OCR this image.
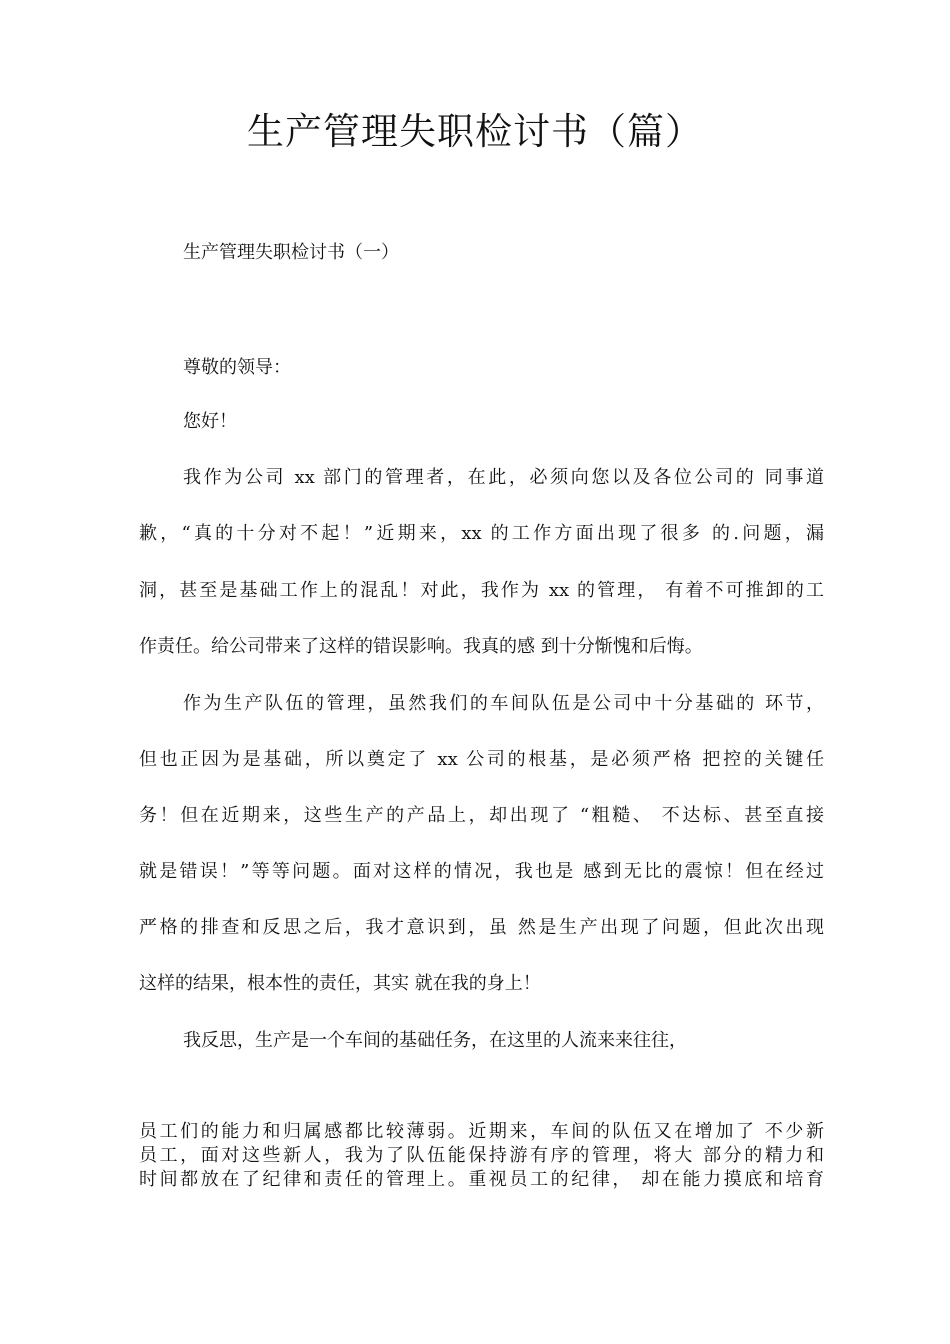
生产管理失职检讨书（篇）
生产管理失职检讨书（一）
尊敬的领导：
您好！
我作为公司 xx 部门的管理者，在此，必须向您以及各位公司的 同事道
歉，“真的十分对不起！”近期来，xx 的工作方面出现了很多 的.问题，漏
洞，甚至是基础工作上的混乱！对此，我作为 xx 的管理， 有着不可推卸的工
作责任。给公司带来了这样的错误影响。我真的感 到十分惭愧和后悔。
作为生产队伍的管理，虽然我们的车间队伍是公司中十分基础的 环节，
但也正因为是基础，所以奠定了 xx 公司的根基，是必须严格 把控的关键任
务！但在近期来，这些生产的产品上，却出现了 “粗糙、 不达标、甚至直接
就是错误！”等等问题。面对这样的情况，我也是 感到无比的震惊！但在经过
严格的排查和反思之后，我才意识到，虽 然是生产出现了问题，但此次出现
这样的结果，根本性的责任，其实 就在我的身上！
我反思，生产是一个车间的基础任务，在这里的人流来来往往，
员工们的能力和归属感都比较薄弱。近期来，车间的队伍又在增加了 不少新
员工，面对这些新人，我为了队伍能保持游有序的管理，将大 部分的精力和
时间都放在了纪律和责任的管理上。重视员工的纪律， 却在能力摸底和培育
